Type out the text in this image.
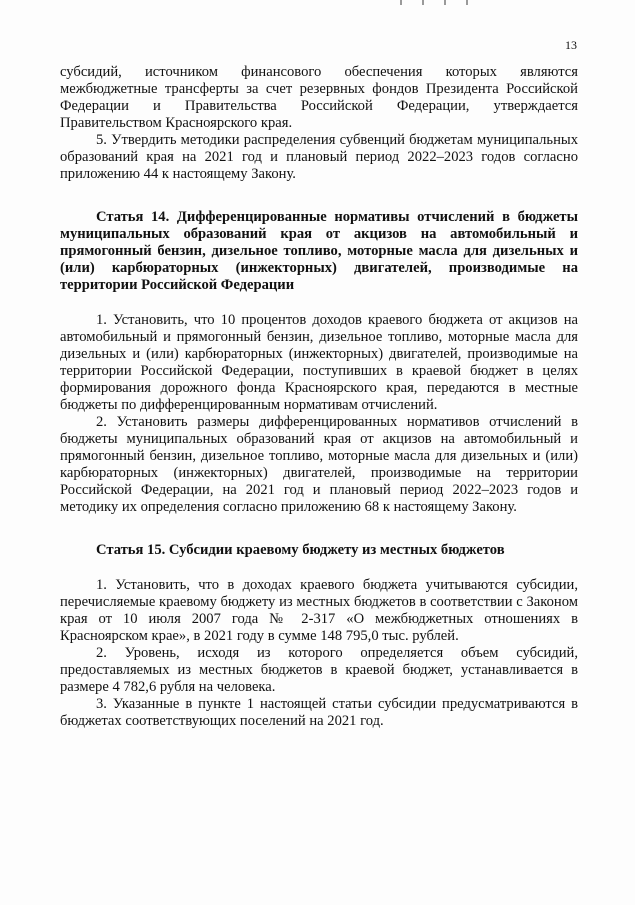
13

субсидий, источником финансового обеспечения которых являются межбюджетные трансферты за счет резервных фондов Президента Российской Федерации и Правительства Российской Федерации, утверждается Правительством Красноярского края.

5. Утвердить методики распределения субвенций бюджетам муниципальных образований края на 2021 год и плановый период 2022–2023 годов согласно приложению 44 к настоящему Закону.

Статья 14. Дифференцированные нормативы отчислений в бюджеты муниципальных образований края от акцизов на автомобильный и прямогонный бензин, дизельное топливо, моторные масла для дизельных и (или) карбюраторных (инжекторных) двигателей, производимые на территории Российской Федерации

1. Установить, что 10 процентов доходов краевого бюджета от акцизов на автомобильный и прямогонный бензин, дизельное топливо, моторные масла для дизельных и (или) карбюраторных (инжекторных) двигателей, производимые на территории Российской Федерации, поступивших в краевой бюджет в целях формирования дорожного фонда Красноярского края, передаются в местные бюджеты по дифференцированным нормативам отчислений.

2. Установить размеры дифференцированных нормативов отчислений в бюджеты муниципальных образований края от акцизов на автомобильный и прямогонный бензин, дизельное топливо, моторные масла для дизельных и (или) карбюраторных (инжекторных) двигателей, производимые на территории Российской Федерации, на 2021 год и плановый период 2022–2023 годов и методику их определения согласно приложению 68 к настоящему Закону.

Статья 15. Субсидии краевому бюджету из местных бюджетов

1. Установить, что в доходах краевого бюджета учитываются субсидии, перечисляемые краевому бюджету из местных бюджетов в соответствии с Законом края от 10 июля 2007 года № 2-317 «О межбюджетных отношениях в Красноярском крае», в 2021 году в сумме 148 795,0 тыс. рублей.

2. Уровень, исходя из которого определяется объем субсидий, предоставляемых из местных бюджетов в краевой бюджет, устанавливается в размере 4 782,6 рубля на человека.

3. Указанные в пункте 1 настоящей статьи субсидии предусматриваются в бюджетах соответствующих поселений на 2021 год.
